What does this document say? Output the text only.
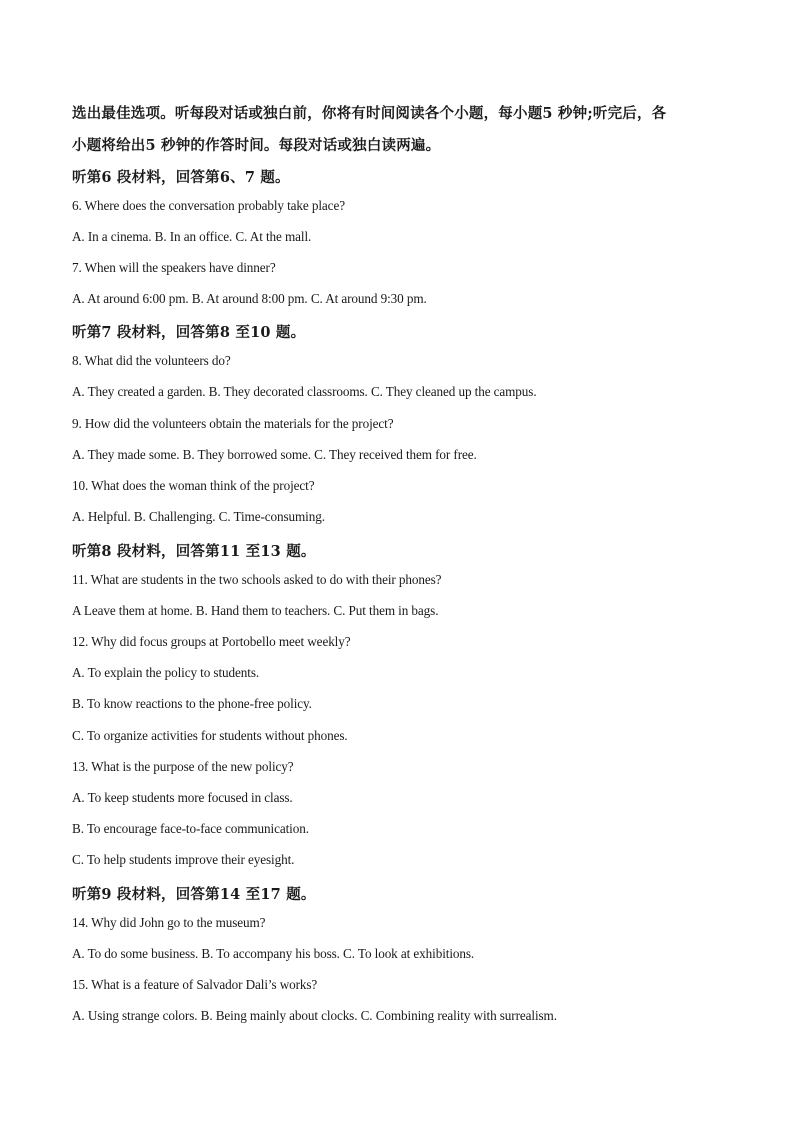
选出最佳选项。听每段对话或独白前，你将有时间阅读各个小题，每小题5 秒钟;听完后，各
小题将给出5 秒钟的作答时间。每段对话或独白读两遍。
听第6 段材料，回答第6、7 题。
6. Where does the conversation probably take place?
A. In a cinema. B. In an office. C. At the mall.
7. When will the speakers have dinner?
A. At around 6:00 pm. B. At around 8:00 pm. C. At around 9:30 pm.
听第7 段材料，回答第8 至10 题。
8. What did the volunteers do?
A. They created a garden. B. They decorated classrooms. C. They cleaned up the campus.
9. How did the volunteers obtain the materials for the project?
A. They made some. B. They borrowed some. C. They received them for free.
10. What does the woman think of the project?
A. Helpful. B. Challenging. C. Time-consuming.
听第8 段材料，回答第11 至13 题。
11. What are students in the two schools asked to do with their phones?
A Leave them at home. B. Hand them to teachers. C. Put them in bags.
12. Why did focus groups at Portobello meet weekly?
A. To explain the policy to students.
B. To know reactions to the phone-free policy.
C. To organize activities for students without phones.
13. What is the purpose of the new policy?
A. To keep students more focused in class.
B. To encourage face-to-face communication.
C. To help students improve their eyesight.
听第9 段材料，回答第14 至17 题。
14. Why did John go to the museum?
A. To do some business. B. To accompany his boss. C. To look at exhibitions.
15. What is a feature of Salvador Dali’s works?
A. Using strange colors. B. Being mainly about clocks. C. Combining reality with surrealism.
